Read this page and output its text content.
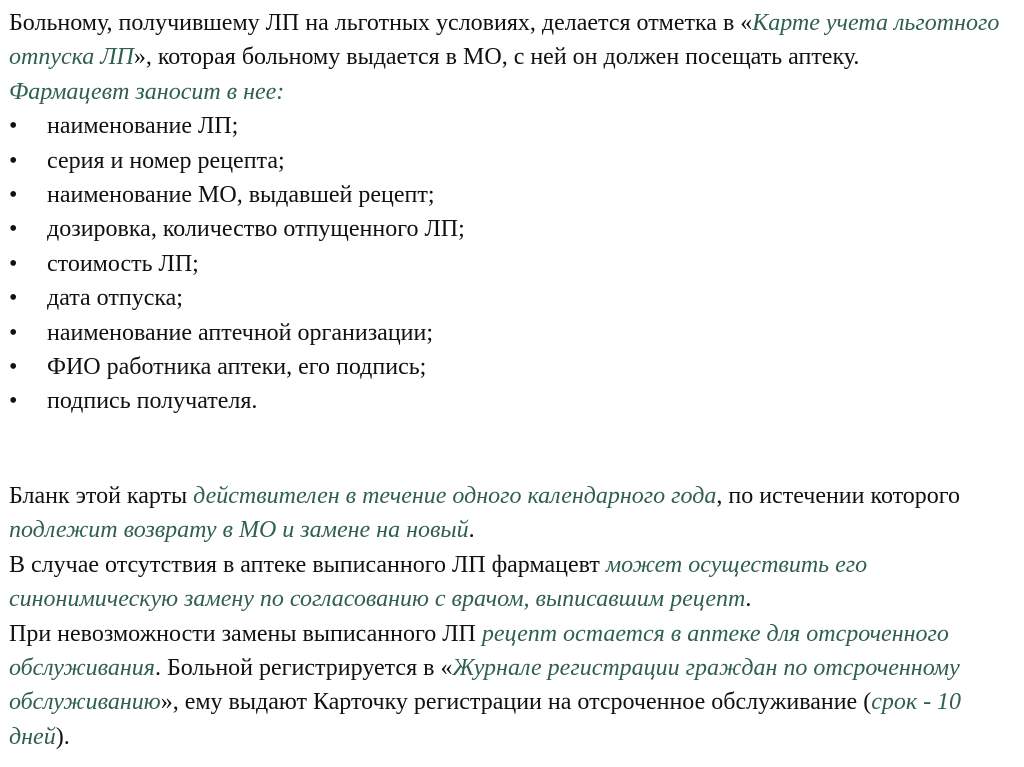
Больному, получившему ЛП на льготных условиях, делается отметка в «Карте учета льготного отпуска ЛП», которая больному выдается в МО, с ней он должен посещать аптеку.

Фармацевт заносит в нее:

• наименование ЛП;
• серия и номер рецепта;
• наименование МО, выдавшей рецепт;
• дозировка, количество отпущенного ЛП;
• стоимость ЛП;
• дата отпуска;
• наименование аптечной организации;
• ФИО работника аптеки, его подпись;
• подпись получателя.

Бланк этой карты действителен в течение одного календарного года, по истечении которого подлежит возврату в МО и замене на новый.

В случае отсутствия в аптеке выписанного ЛП фармацевт может осуществить его синонимическую замену по согласованию с врачом, выписавшим рецепт.

При невозможности замены выписанного ЛП рецепт остается в аптеке для отсроченного обслуживания. Больной регистрируется в «Журнале регистрации граждан по отсроченному обслуживанию», ему выдают Карточку регистрации на отсроченное обслуживание (срок - 10 дней).
